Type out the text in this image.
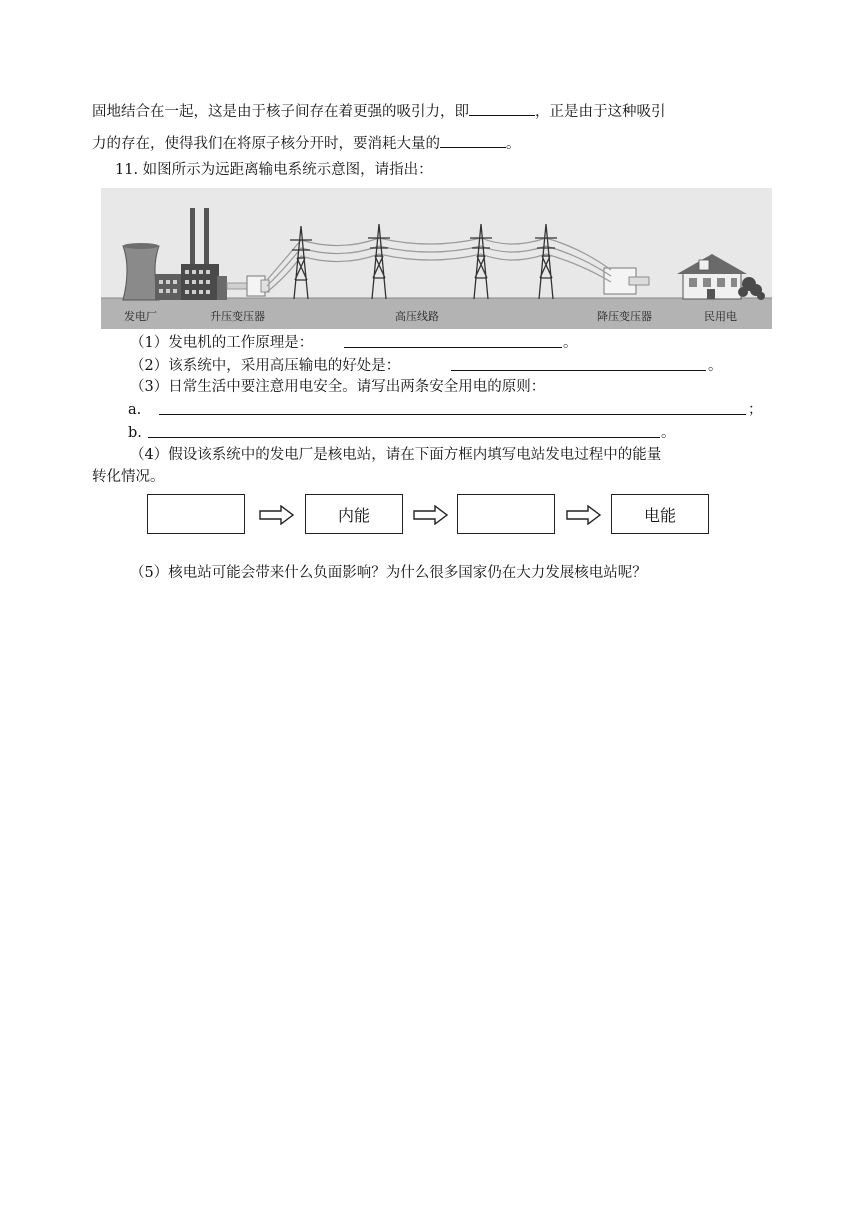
固地结合在一起，这是由于核子间存在着更强的吸引力，即	，正是由于这种吸引
力的存在，使得我们在将原子核分开时，要消耗大量的	。
11. 如图所示为远距离输电系统示意图，请指出：
发电厂	升压变压器	高压线路	降压变压器	民用电
（1）发电机的工作原理是：	。
（2）该系统中，采用高压输电的好处是：	。
（3）日常生活中要注意用电安全。请写出两条安全用电的原则：
a.	；
b.	。
（4）假设该系统中的发电厂是核电站，请在下面方框内填写电站发电过程中的能量
转化情况。
内能	电能
（5）核电站可能会带来什么负面影响？为什么很多国家仍在大力发展核电站呢？
